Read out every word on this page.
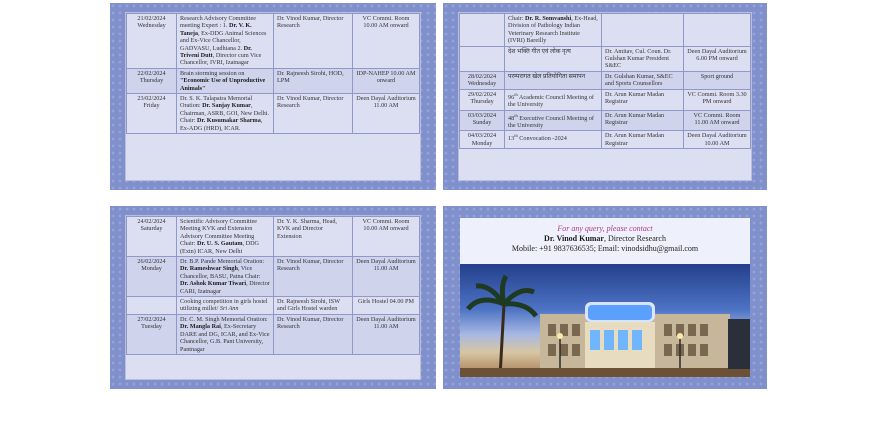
21/02/2024
Wednesday	Research Advisory Committee meeting Expert : 1. Dr. V. K. Taneja, Ex-DDG Animal Sciences and Ex-Vice Chancellor, GADVASU, Ludhiana 2. Dr. Triveni Dutt, Director cum Vice Chancellor, IVRI, Izatnagar	Dr. Vinod Kumar, Director Research	VC Commi. Room 10.00 AM onward

22/02/2024
Thursday	Brain storming session on "Economic Use of Unproductive Animals"	Dr. Rajneesh Sirohi, HOD, LPM	IDP-NAHEP 10.00 AM onward

23/02/2024
Friday	Dr. S. K. Talapatra Memorial Oration: Dr. Sanjay Kumar, Chairman, ASRB, GOI, New Delhi. Chair: Dr. Kusumakar Sharma, Ex-ADG (HRD), ICAR.	Dr. Vinod Kumar, Director Research	Deen Dayal Auditorium 11.00 AM
	Chair: Dr. R. Somvanshi, Ex-Head, Division of Pathology Indian Veterinary Research Institute (IVRI) Bareilly		

	देश भक्ति गीत एवं लोक नृत्य	Dr. Amitav, Cul. Coun. Dr. Gulshan Kumar President S&EC	Deen Dayal Auditorium 6.00 PM onward

28/02/2024
Wednesday	परम्परागत खेल प्रतियोगिता समापन	Dr. Gulshan Kumar, S&EC and Sports Counsellors	Sport ground

29/02/2024
Thursday	96th Academic Council Meeting of the University	Dr. Arun Kumar Madan Registrar	VC Commi. Room 3.30 PM onward

03/03/2024
Sunday	48th Executive Council Meeting of the University	Dr. Arun Kumar Madan Registrar	VC Commi. Room 11.00 AM onward

04/03/2024
Monday	13th Convocation -2024	Dr. Arun Kumar Madan Registrar	Deen Dayal Auditorium 10.00 AM
24/02/2024
Saturday	Scientific Advisory Committee Meeting KVK and Extension Advisory Committee Meeting Chair: Dr. U. S. Gautam, DDG (Extn) ICAR, New Delhi	Dr. Y. K. Sharma, Head, KVK and Director Extension	VC Commi. Room 10.00 AM onward

26/02/2024
Monday	Dr. B.P. Pande Memorial Oration: Dr. Rameshwar Singh, Vice Chancellor, BASU, Patna Chair: Dr. Ashok Kumar Tiwari, Director CARI, Izatnagar	Dr. Vinod Kumar, Director Research	Deen Dayal Auditorium 11.00 AM

	Cooking competition in girls hostel utilizing millet/ Sri Ann	Dr. Rajneesh Sirohi, ISW and Girls Hostel warden	Girls Hostel 04.00 PM

27/02/2024
Tuesday	Dr. C. M. Singh Memorial Oration: Dr. Mangla Rai, Ex-Secretary DARE and DG, ICAR, and Ex-Vice Chancellor, G.B. Pant University, Pantnagar	Dr. Vinod Kumar, Director Research	Deen Dayal Auditorium 11.00 AM
For any query, please contact
Dr. Vinod Kumar, Director Research
Mobile: +91 9837636535; Email: vinodsidhu@gmail.com
